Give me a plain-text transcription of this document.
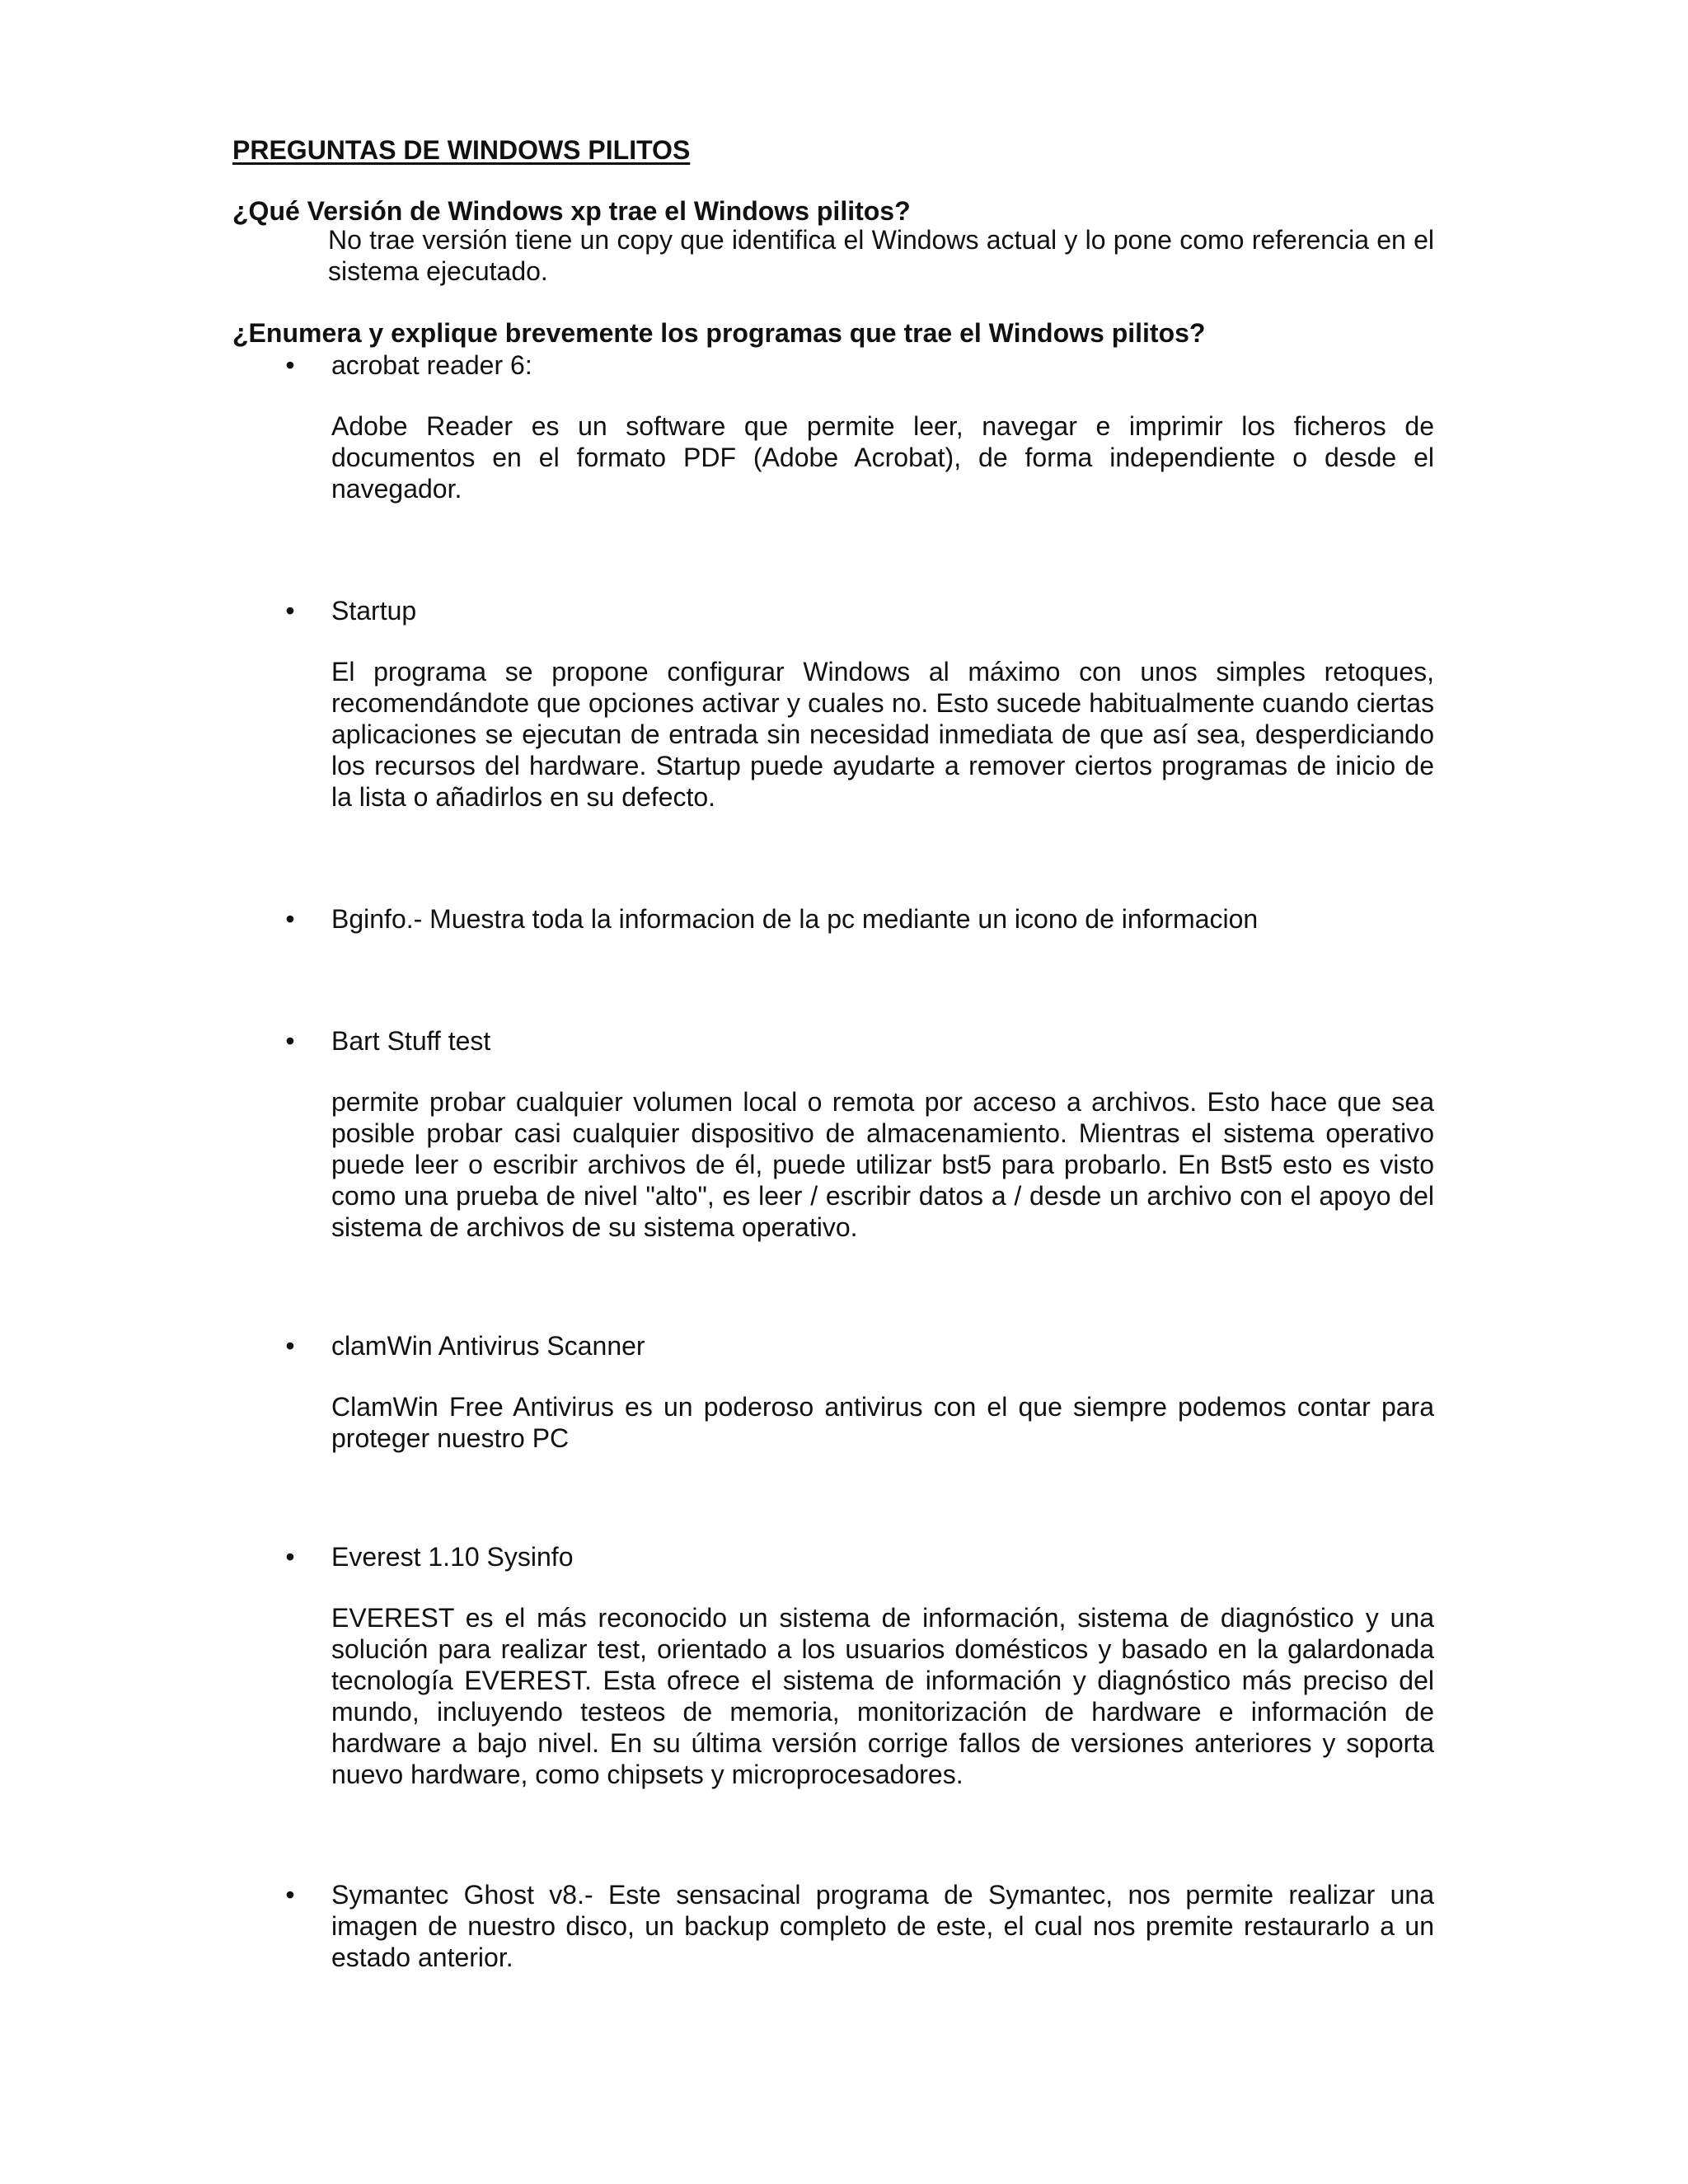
PREGUNTAS DE WINDOWS PILITOS
¿Qué Versión de Windows xp trae el Windows pilitos?
No trae versión tiene un copy que identifica el Windows actual y lo pone como referencia en el sistema ejecutado.
¿Enumera y explique brevemente los programas que trae el Windows pilitos?
• acrobat reader 6:
Adobe Reader es un software que permite leer, navegar e imprimir los ficheros de documentos en el formato PDF (Adobe Acrobat), de forma independiente o desde el navegador.
• Startup
El programa se propone configurar Windows al máximo con unos simples retoques, recomendándote que opciones activar y cuales no. Esto sucede habitualmente cuando ciertas aplicaciones se ejecutan de entrada sin necesidad inmediata de que así sea, desperdiciando los recursos del hardware. Startup puede ayudarte a remover ciertos programas de inicio de la lista o añadirlos en su defecto.
• Bginfo.- Muestra toda la informacion de la pc mediante un icono de informacion
• Bart Stuff test
permite probar cualquier volumen local o remota por acceso a archivos. Esto hace que sea posible probar casi cualquier dispositivo de almacenamiento. Mientras el sistema operativo puede leer o escribir archivos de él, puede utilizar bst5 para probarlo. En Bst5 esto es visto como una prueba de nivel "alto", es leer / escribir datos a / desde un archivo con el apoyo del sistema de archivos de su sistema operativo.
• clamWin Antivirus Scanner
ClamWin Free Antivirus es un poderoso antivirus con el que siempre podemos contar para proteger nuestro PC
• Everest 1.10 Sysinfo
EVEREST es el más reconocido un sistema de información, sistema de diagnóstico y una solución para realizar test, orientado a los usuarios domésticos y basado en la galardonada tecnología EVEREST. Esta ofrece el sistema de información y diagnóstico más preciso del mundo, incluyendo testeos de memoria, monitorización de hardware e información de hardware a bajo nivel. En su última versión corrige fallos de versiones anteriores y soporta nuevo hardware, como chipsets y microprocesadores.
• Symantec Ghost v8.- Este sensacinal programa de Symantec, nos permite realizar una imagen de nuestro disco, un backup completo de este, el cual nos premite restaurarlo a un estado anterior.
